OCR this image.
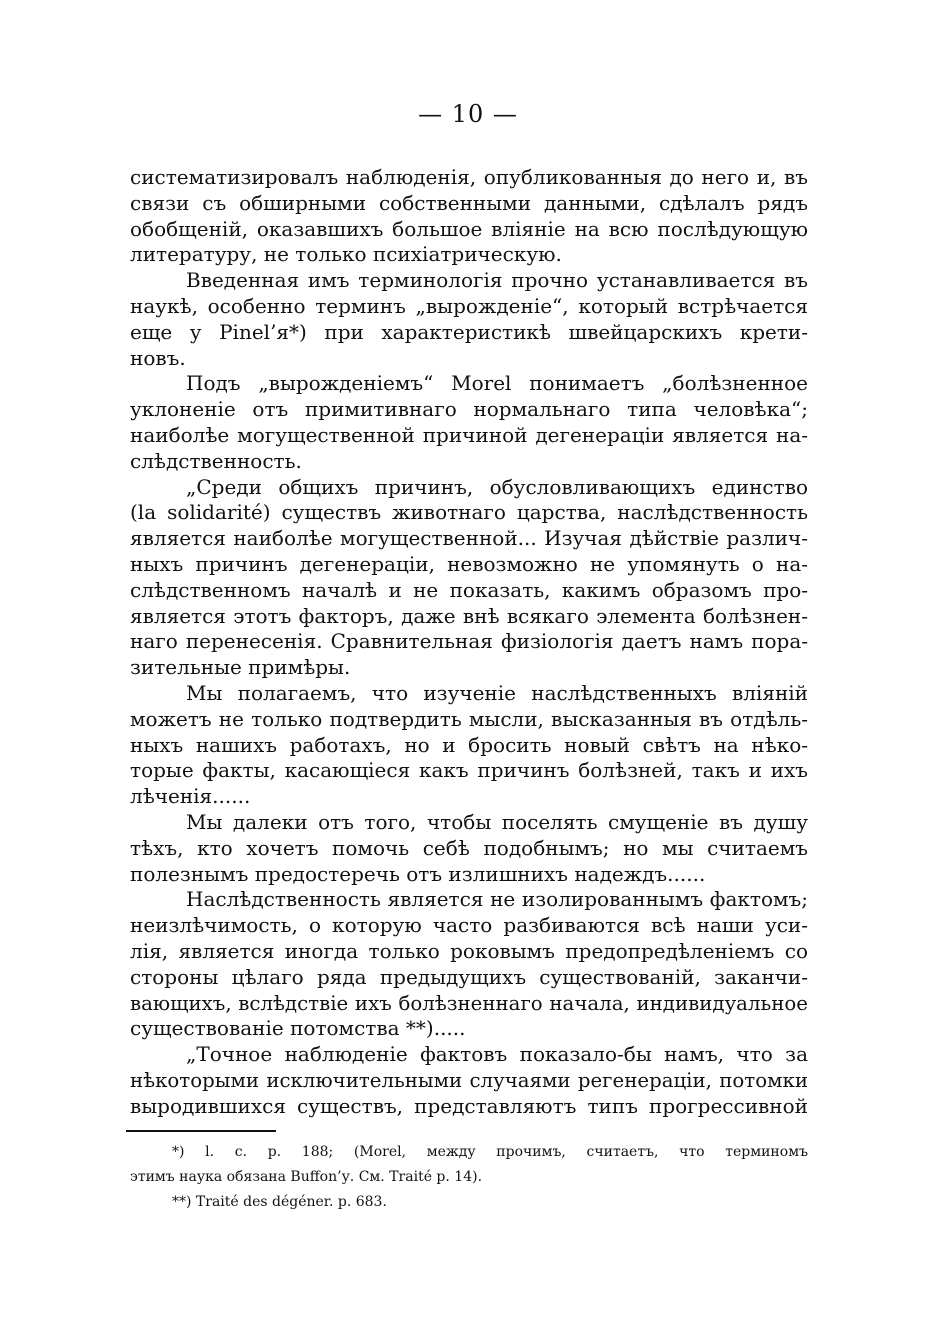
— 10 —
систематизировалъ наблюденія, опубликованныя до него и, въ
связи съ обширными собственными данными, сдѣлалъ рядъ
обобщеній, оказавшихъ большое вліяніе на всю послѣдующую
литературу, не только психіатрическую.
Введенная имъ терминологія прочно устанавливается въ
наукѣ, особенно терминъ „вырожденіе“, который встрѣчается
еще у Pinel’я*) при характеристикѣ швейцарскихъ крети-
новъ.
Подъ „вырожденіемъ“ Morel понимаетъ „болѣзненное
уклоненіе отъ примитивнаго нормальнаго типа человѣка“;
наиболѣе могущественной причиной дегенераціи является на-
слѣдственность.
„Среди общихъ причинъ, обусловливающихъ единство
(la solidarité) существъ животнаго царства, наслѣдственность
является наиболѣе могущественной... Изучая дѣйствіе различ-
ныхъ причинъ дегенераціи, невозможно не упомянуть о на-
слѣдственномъ началѣ и не показать, какимъ образомъ про-
является этотъ факторъ, даже внѣ всякаго элемента болѣзнен-
наго перенесенія. Сравнительная физіологія даетъ намъ пора-
зительные примѣры.
Мы полагаемъ, что изученіе наслѣдственныхъ вліяній
можетъ не только подтвердить мысли, высказанныя въ отдѣль-
ныхъ нашихъ работахъ, но и бросить новый свѣтъ на нѣко-
торые факты, касающіеся какъ причинъ болѣзней, такъ и ихъ
лѣченія......
Мы далеки отъ того, чтобы поселять смущеніе въ душу
тѣхъ, кто хочетъ помочь себѣ подобнымъ; но мы считаемъ
полезнымъ предостеречь отъ излишнихъ надеждъ......
Наслѣдственность является не изолированнымъ фактомъ;
неизлѣчимость, о которую часто разбиваются всѣ наши уси-
лія, является иногда только роковымъ предопредѣленіемъ со
стороны цѣлаго ряда предыдущихъ существованій, заканчи-
вающихъ, вслѣдствіе ихъ болѣзненнаго начала, индивидуальное
существованіе потомства **).....
„Точное наблюденіе фактовъ показало-бы намъ, что за
нѣкоторыми исключительными случаями регенераціи, потомки
выродившихся существъ, представляютъ типъ прогрессивной
*) l. c. p. 188; (Morel, между прочимъ, считаетъ, что терминомъ
этимъ наука обязана Buffon’у. См. Traité p. 14).
**) Traité des dégéner. p. 683.
